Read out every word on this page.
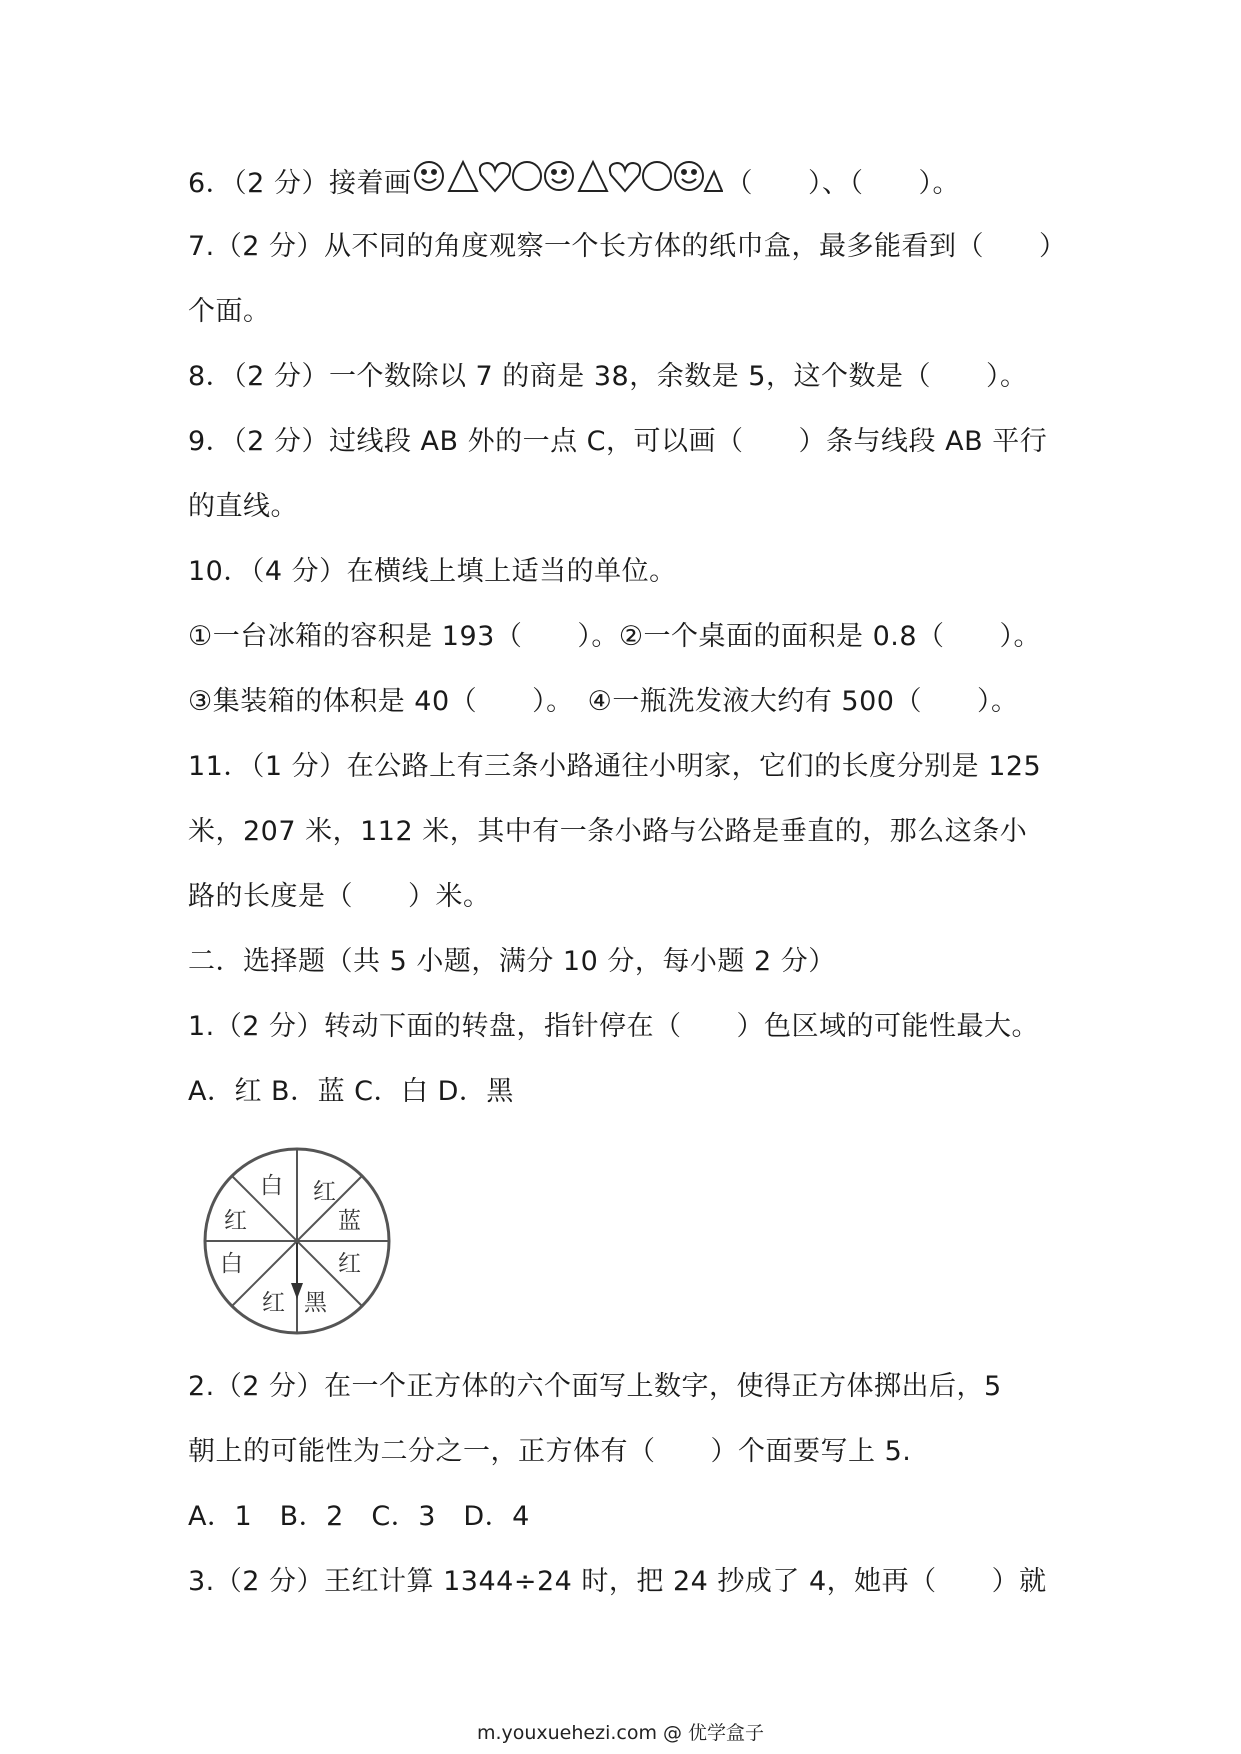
6．（2 分）接着画	（　　）、（　　）。
7.（2 分）从不同的角度观察一个长方体的纸巾盒，最多能看到（　　）
个面。
8．（2 分）一个数除以 7 的商是 38，余数是 5，这个数是（　　）。
9．（2 分）过线段 AB 外的一点 C，可以画（　　）条与线段 AB 平行
的直线。
10．（4 分）在横线上填上适当的单位。
①一台冰箱的容积是 193（　　）。②一个桌面的面积是 0.8（　　）。
③集装箱的体积是 40（　　）。　④一瓶洗发液大约有 500（　　）。
11．（1 分）在公路上有三条小路通往小明家，它们的长度分别是 125
米，207 米，112 米，其中有一条小路与公路是垂直的，那么这条小
路的长度是（　　）米。
二．选择题（共 5 小题，满分 10 分，每小题 2 分）
1.（2 分）转动下面的转盘，指针停在（　　）色区域的可能性最大。
A．红 B．蓝 C．白 D．黑
红
蓝
红
黑
红
白
红
白
2.（2 分）在一个正方体的六个面写上数字，使得正方体掷出后，5
朝上的可能性为二分之一，正方体有（　　）个面要写上 5.
A．1　B．2　C．3　D．4
3.（2 分）王红计算 1344÷24 时，把 24 抄成了 4，她再（　　）就
m.youxuehezi.com @ 优学盒子
